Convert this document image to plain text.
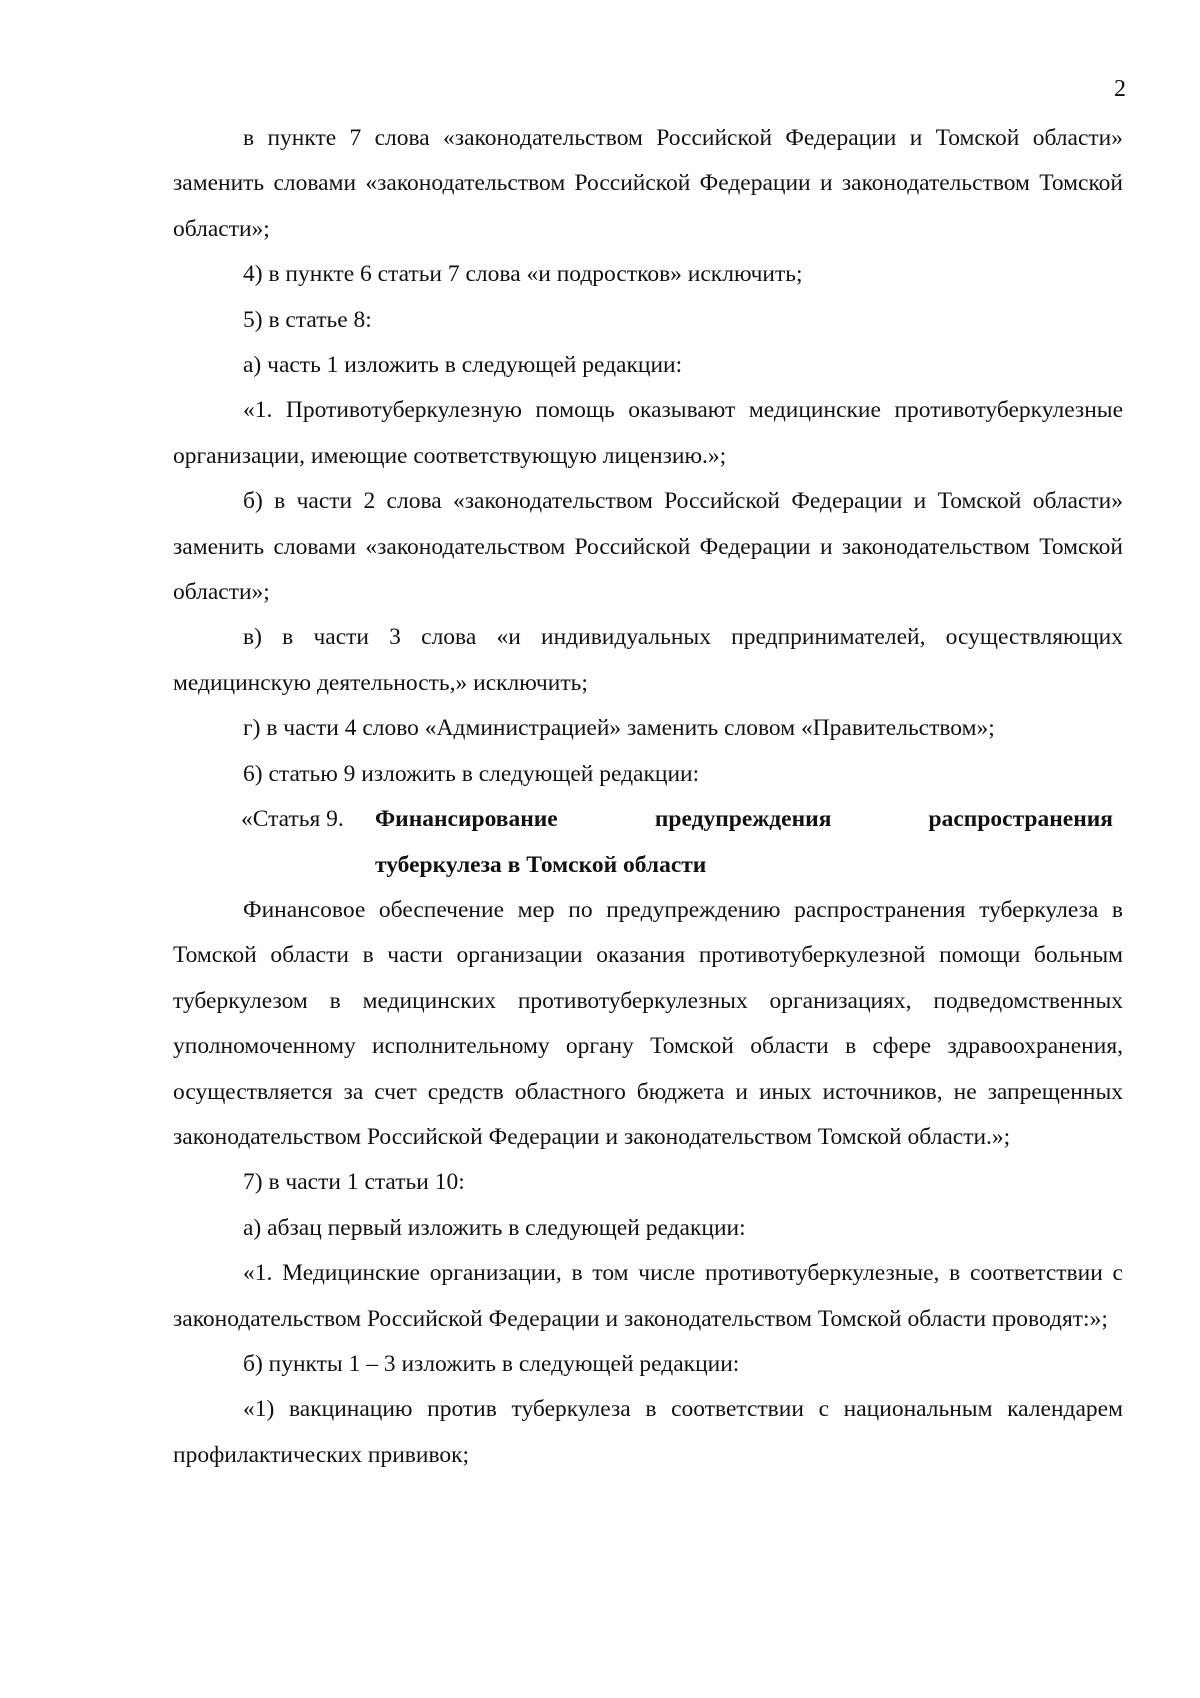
2

в пункте 7 слова «законодательством Российской Федерации и Томской области» заменить словами «законодательством Российской Федерации и законодательством Томской области»;

4) в пункте 6 статьи 7 слова «и подростков» исключить;

5) в статье 8:

а) часть 1 изложить в следующей редакции:

«1. Противотуберкулезную помощь оказывают медицинские противотуберкулезные организации, имеющие соответствующую лицензию.»;

б) в части 2 слова «законодательством Российской Федерации и Томской области» заменить словами «законодательством Российской Федерации и законодательством Томской области»;

в) в части 3 слова «и индивидуальных предпринимателей, осуществляющих медицинскую деятельность,» исключить;

г) в части 4 слово «Администрацией» заменить словом «Правительством»;

6) статью 9 изложить в следующей редакции:

«Статья 9. Финансирование предупреждения распространения
туберкулеза в Томской области

Финансовое обеспечение мер по предупреждению распространения туберкулеза в Томской области в части организации оказания противотуберкулезной помощи больным туберкулезом в медицинских противотуберкулезных организациях, подведомственных уполномоченному исполнительному органу Томской области в сфере здравоохранения, осуществляется за счет средств областного бюджета и иных источников, не запрещенных законодательством Российской Федерации и законодательством Томской области.»;

7) в части 1 статьи 10:

а) абзац первый изложить в следующей редакции:

«1. Медицинские организации, в том числе противотуберкулезные, в соответствии с законодательством Российской Федерации и законодательством Томской области проводят:»;

б) пункты 1 – 3 изложить в следующей редакции:

«1) вакцинацию против туберкулеза в соответствии с национальным календарем профилактических прививок;
